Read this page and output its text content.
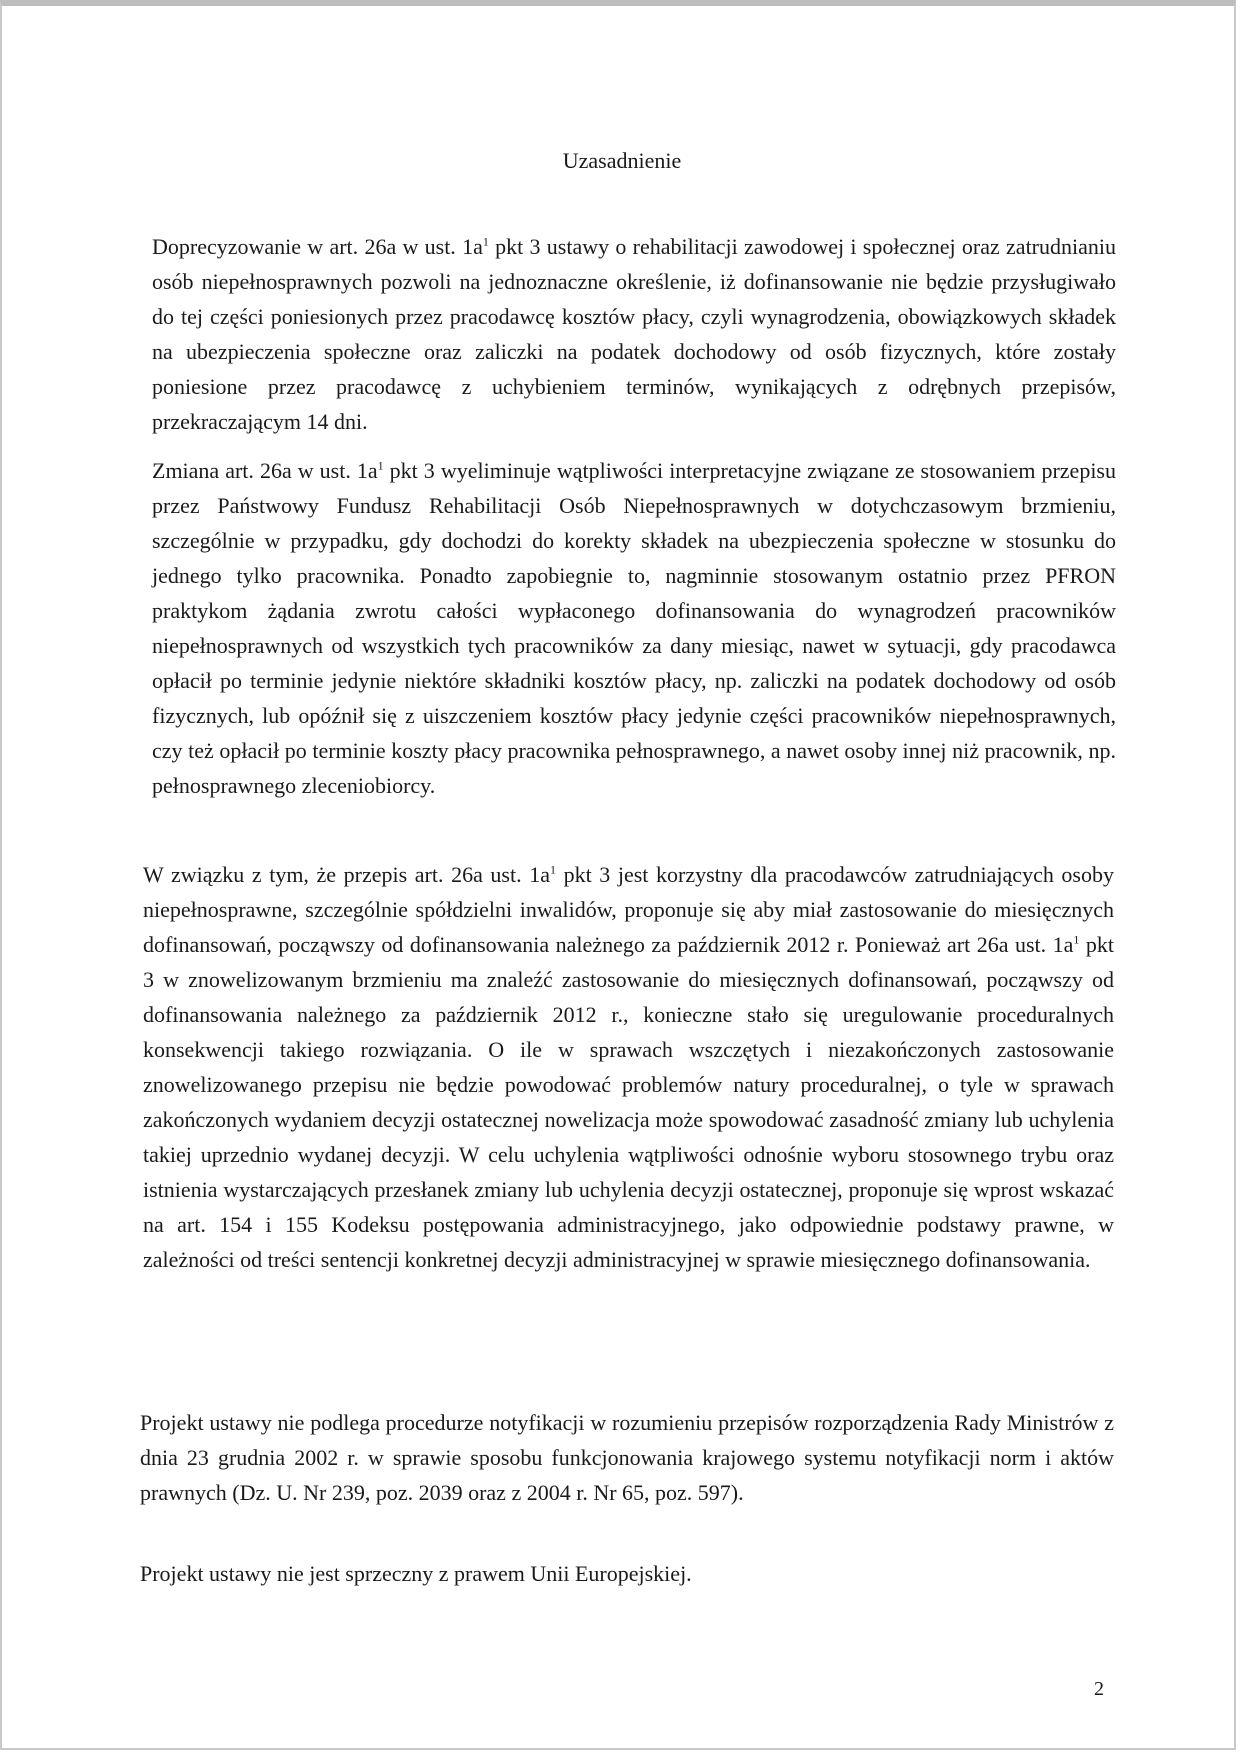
Uzasadnienie

Doprecyzowanie w art. 26a w ust. $1a^1$ pkt 3 ustawy o rehabilitacji zawodowej i społecznej oraz zatrudnianiu osób niepełnosprawnych pozwoli na jednoznaczne określenie, iż dofinansowanie nie będzie przysługiwało do tej części poniesionych przez pracodawcę kosztów płacy, czyli wynagrodzenia, obowiązkowych składek na ubezpieczenia społeczne oraz zaliczki na podatek dochodowy od osób fizycznych, które zostały poniesione przez pracodawcę z uchybieniem terminów, wynikających z odrębnych przepisów, przekraczającym 14 dni.

Zmiana art. 26a w ust. $1a^1$ pkt 3 wyeliminuje wątpliwości interpretacyjne związane ze stosowaniem przepisu przez Państwowy Fundusz Rehabilitacji Osób Niepełnosprawnych w dotychczasowym brzmieniu, szczególnie w przypadku, gdy dochodzi do korekty składek na ubezpieczenia społeczne w stosunku do jednego tylko pracownika. Ponadto zapobiegnie to, nagminnie stosowanym ostatnio przez PFRON praktykom żądania zwrotu całości wypłaconego dofinansowania do wynagrodzeń pracowników niepełnosprawnych od wszystkich tych pracowników za dany miesiąc, nawet w sytuacji, gdy pracodawca opłacił po terminie jedynie niektóre składniki kosztów płacy, np. zaliczki na podatek dochodowy od osób fizycznych, lub opóźnił się z uiszczeniem kosztów płacy jedynie części pracowników niepełnosprawnych, czy też opłacił po terminie koszty płacy pracownika pełnosprawnego, a nawet osoby innej niż pracownik, np. pełnosprawnego zleceniobiorcy.

W związku z tym, że przepis art. 26a ust. $1a^1$ pkt 3 jest korzystny dla pracodawców zatrudniających osoby niepełnosprawne, szczególnie spółdzielni inwalidów, proponuje się aby miał zastosowanie do miesięcznych dofinansowań, począwszy od dofinansowania należnego za październik 2012 r. Ponieważ art 26a ust. $1a^1$ pkt 3 w znowelizowanym brzmieniu ma znaleźć zastosowanie do miesięcznych dofinansowań, począwszy od dofinansowania należnego za październik 2012 r., konieczne stało się uregulowanie proceduralnych konsekwencji takiego rozwiązania. O ile w sprawach wszczętych i niezakończonych zastosowanie znowelizowanego przepisu nie będzie powodować problemów natury proceduralnej, o tyle w sprawach zakończonych wydaniem decyzji ostatecznej nowelizacja może spowodować zasadność zmiany lub uchylenia takiej uprzednio wydanej decyzji. W celu uchylenia wątpliwości odnośnie wyboru stosownego trybu oraz istnienia wystarczających przesłanek zmiany lub uchylenia decyzji ostatecznej, proponuje się wprost wskazać na art. 154 i 155 Kodeksu postępowania administracyjnego, jako odpowiednie podstawy prawne, w zależności od treści sentencji konkretnej decyzji administracyjnej w sprawie miesięcznego dofinansowania.

Projekt ustawy nie podlega procedurze notyfikacji w rozumieniu przepisów rozporządzenia Rady Ministrów z dnia 23 grudnia 2002 r. w sprawie sposobu funkcjonowania krajowego systemu notyfikacji norm i aktów prawnych (Dz. U. Nr 239, poz. 2039 oraz z 2004 r. Nr 65, poz. 597).

Projekt ustawy nie jest sprzeczny z prawem Unii Europejskiej.

2
